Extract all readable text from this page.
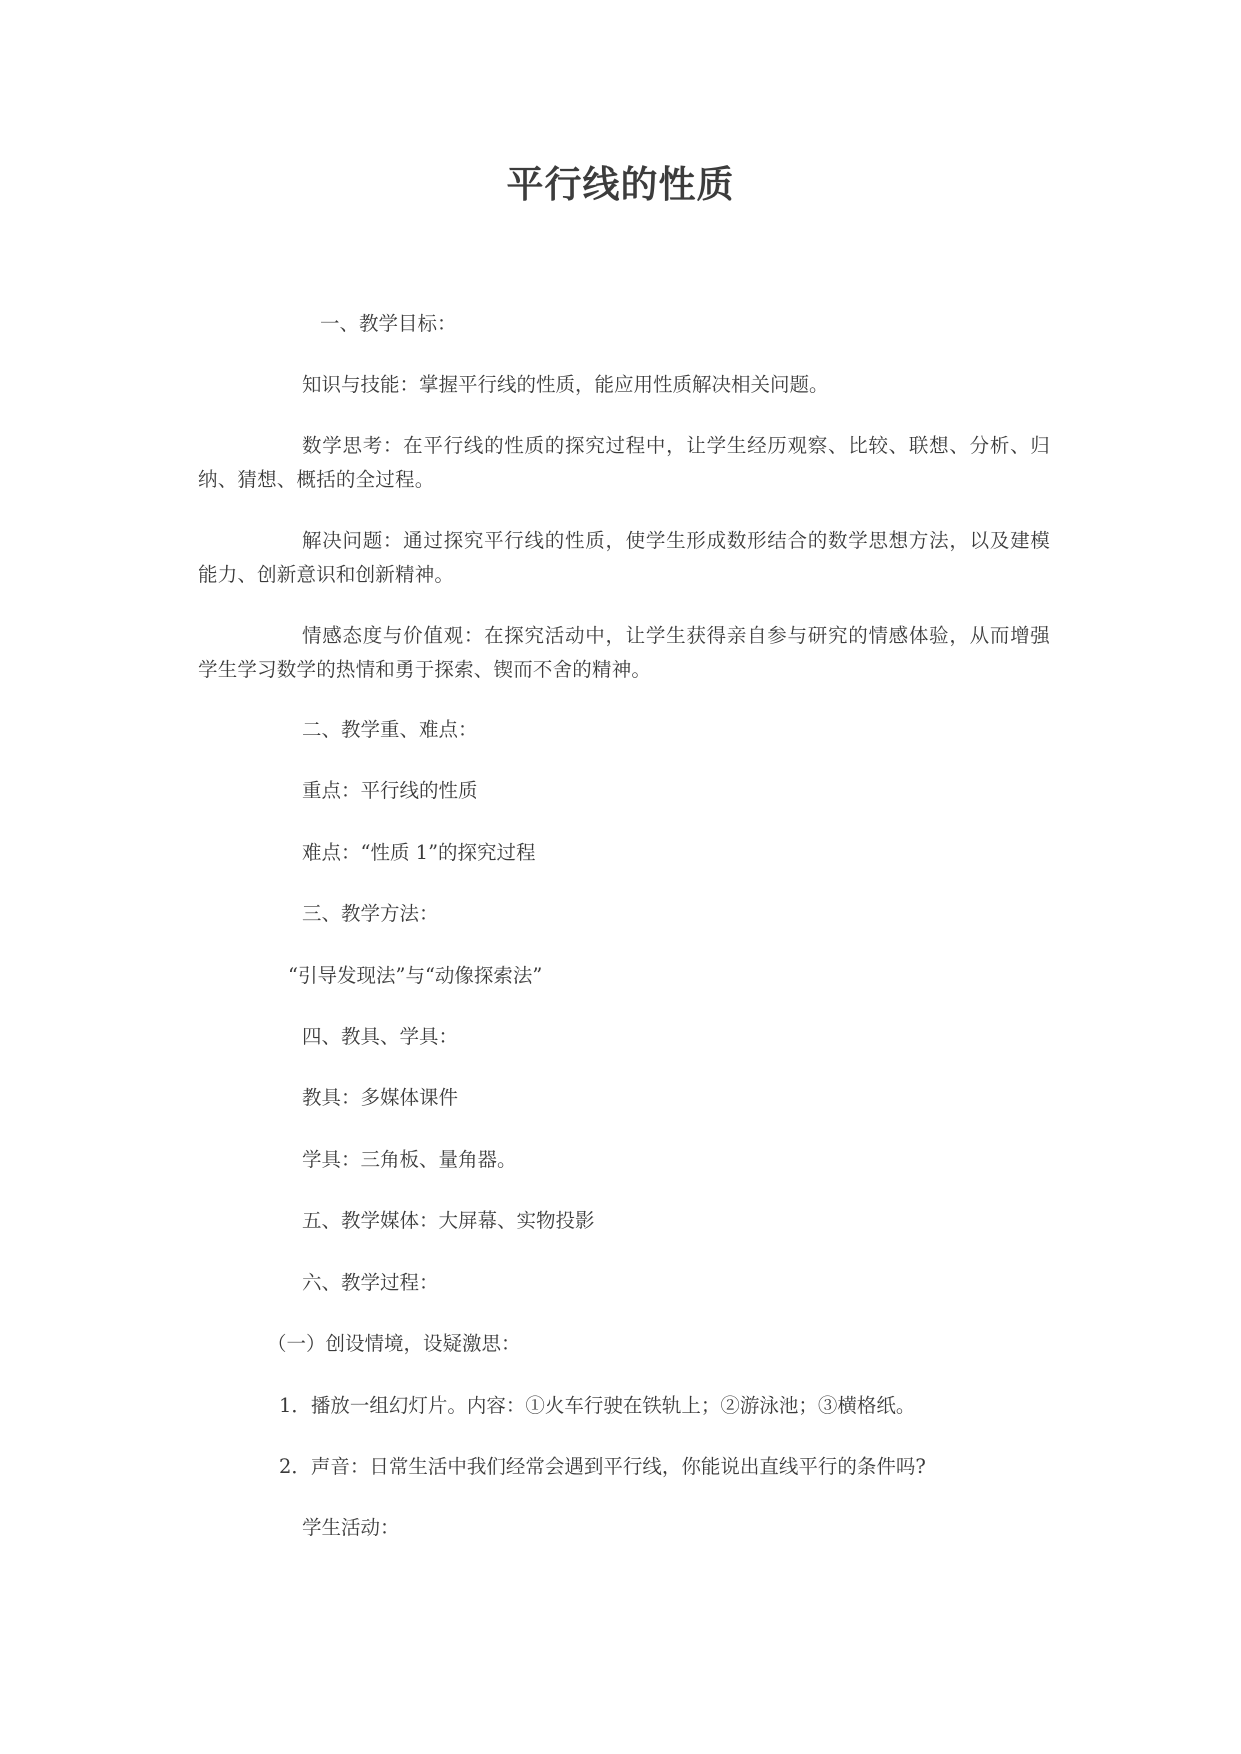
平行线的性质
一、教学目标：
知识与技能：掌握平行线的性质，能应用性质解决相关问题。
数学思考：在平行线的性质的探究过程中，让学生经历观察、比较、联想、分析、归纳、猜想、概括的全过程。
解决问题：通过探究平行线的性质，使学生形成数形结合的数学思想方法，以及建模能力、创新意识和创新精神。
情感态度与价值观：在探究活动中，让学生获得亲自参与研究的情感体验，从而增强学生学习数学的热情和勇于探索、锲而不舍的精神。
二、教学重、难点：
重点：平行线的性质
难点：“性质 1”的探究过程
三、教学方法：
“引导发现法”与“动像探索法”
四、教具、学具：
教具：多媒体课件
学具：三角板、量角器。
五、教学媒体：大屏幕、实物投影
六、教学过程：
（一）创设情境，设疑激思：
1．播放一组幻灯片。内容：①火车行驶在铁轨上；②游泳池；③横格纸。
2．声音：日常生活中我们经常会遇到平行线，你能说出直线平行的条件吗?
学生活动：
